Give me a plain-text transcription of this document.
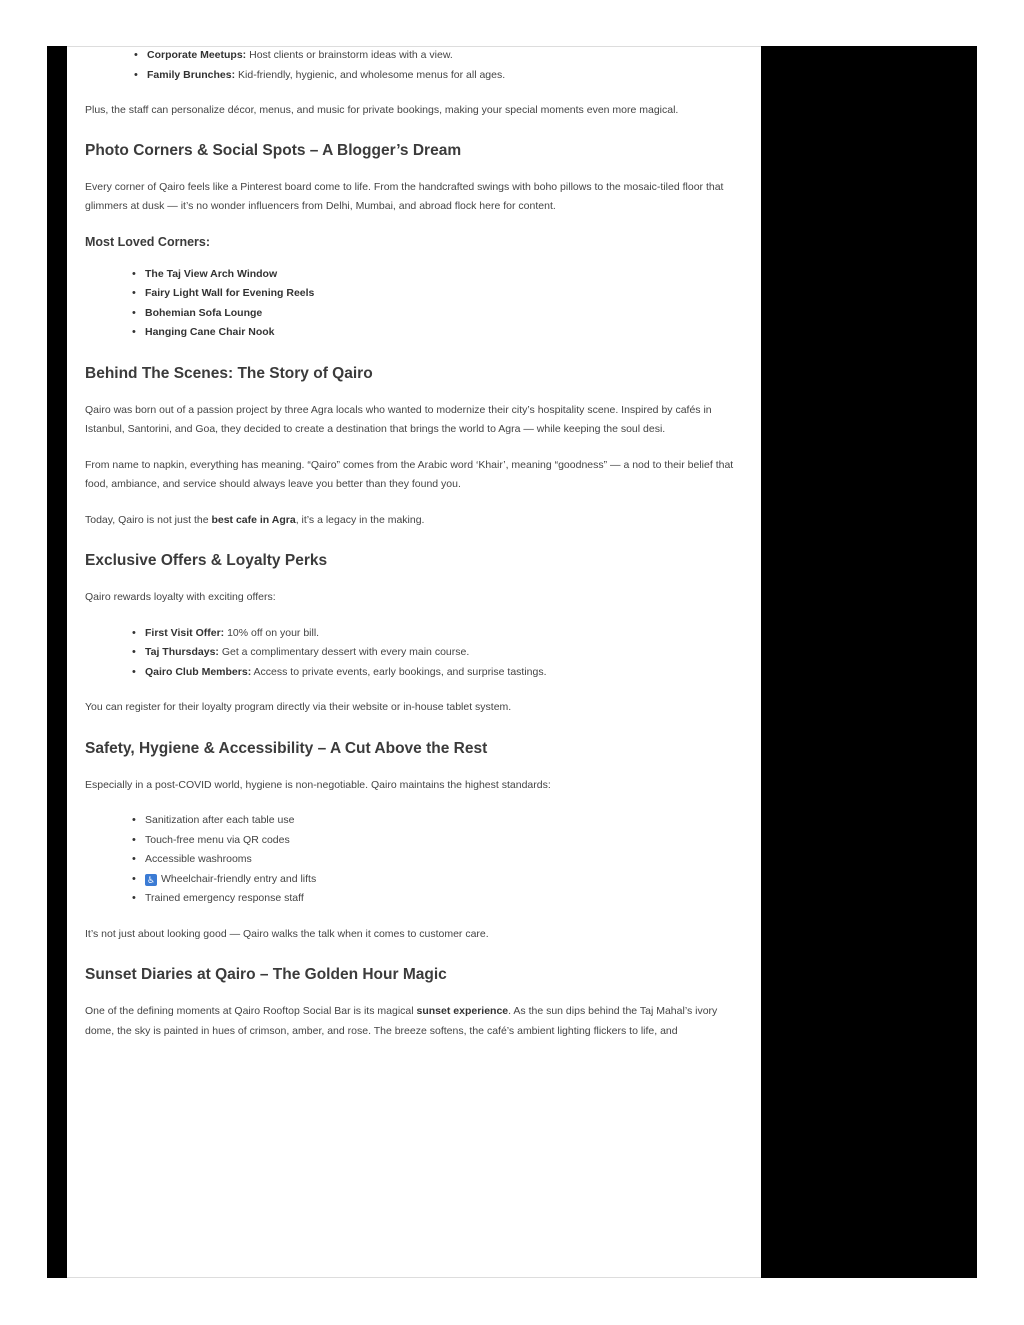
• Corporate Meetups: Host clients or brainstorm ideas with a view.
• Family Brunches: Kid-friendly, hygienic, and wholesome menus for all ages.

Plus, the staff can personalize décor, menus, and music for private bookings, making your special moments even more magical.

Photo Corners & Social Spots – A Blogger’s Dream

Every corner of Qairo feels like a Pinterest board come to life. From the handcrafted swings with boho pillows to the mosaic-tiled floor that glimmers at dusk — it’s no wonder influencers from Delhi, Mumbai, and abroad flock here for content.

Most Loved Corners:
• The Taj View Arch Window
• Fairy Light Wall for Evening Reels
• Bohemian Sofa Lounge
• Hanging Cane Chair Nook
Behind The Scenes: The Story of Qairo

Qairo was born out of a passion project by three Agra locals who wanted to modernize their city’s hospitality scene. Inspired by cafés in Istanbul, Santorini, and Goa, they decided to create a destination that brings the world to Agra — while keeping the soul desi.

From name to napkin, everything has meaning. “Qairo” comes from the Arabic word ‘Khair’, meaning “goodness” — a nod to their belief that food, ambiance, and service should always leave you better than they found you.

Today, Qairo is not just the best cafe in Agra, it’s a legacy in the making.

Exclusive Offers & Loyalty Perks

Qairo rewards loyalty with exciting offers:

• First Visit Offer: 10% off on your bill.
• Taj Thursdays: Get a complimentary dessert with every main course.
• Qairo Club Members: Access to private events, early bookings, and surprise tastings.

You can register for their loyalty program directly via their website or in-house tablet system.

Safety, Hygiene & Accessibility – A Cut Above the Rest

Especially in a post-COVID world, hygiene is non-negotiable. Qairo maintains the highest standards:

• Sanitization after each table use
• Touch-free menu via QR codes
• Accessible washrooms
• ♿ Wheelchair-friendly entry and lifts
• Trained emergency response staff

It’s not just about looking good — Qairo walks the talk when it comes to customer care.

Sunset Diaries at Qairo – The Golden Hour Magic

One of the defining moments at Qairo Rooftop Social Bar is its magical sunset experience. As the sun dips behind the Taj Mahal’s ivory dome, the sky is painted in hues of crimson, amber, and rose. The breeze softens, the café’s ambient lighting flickers to life, and
